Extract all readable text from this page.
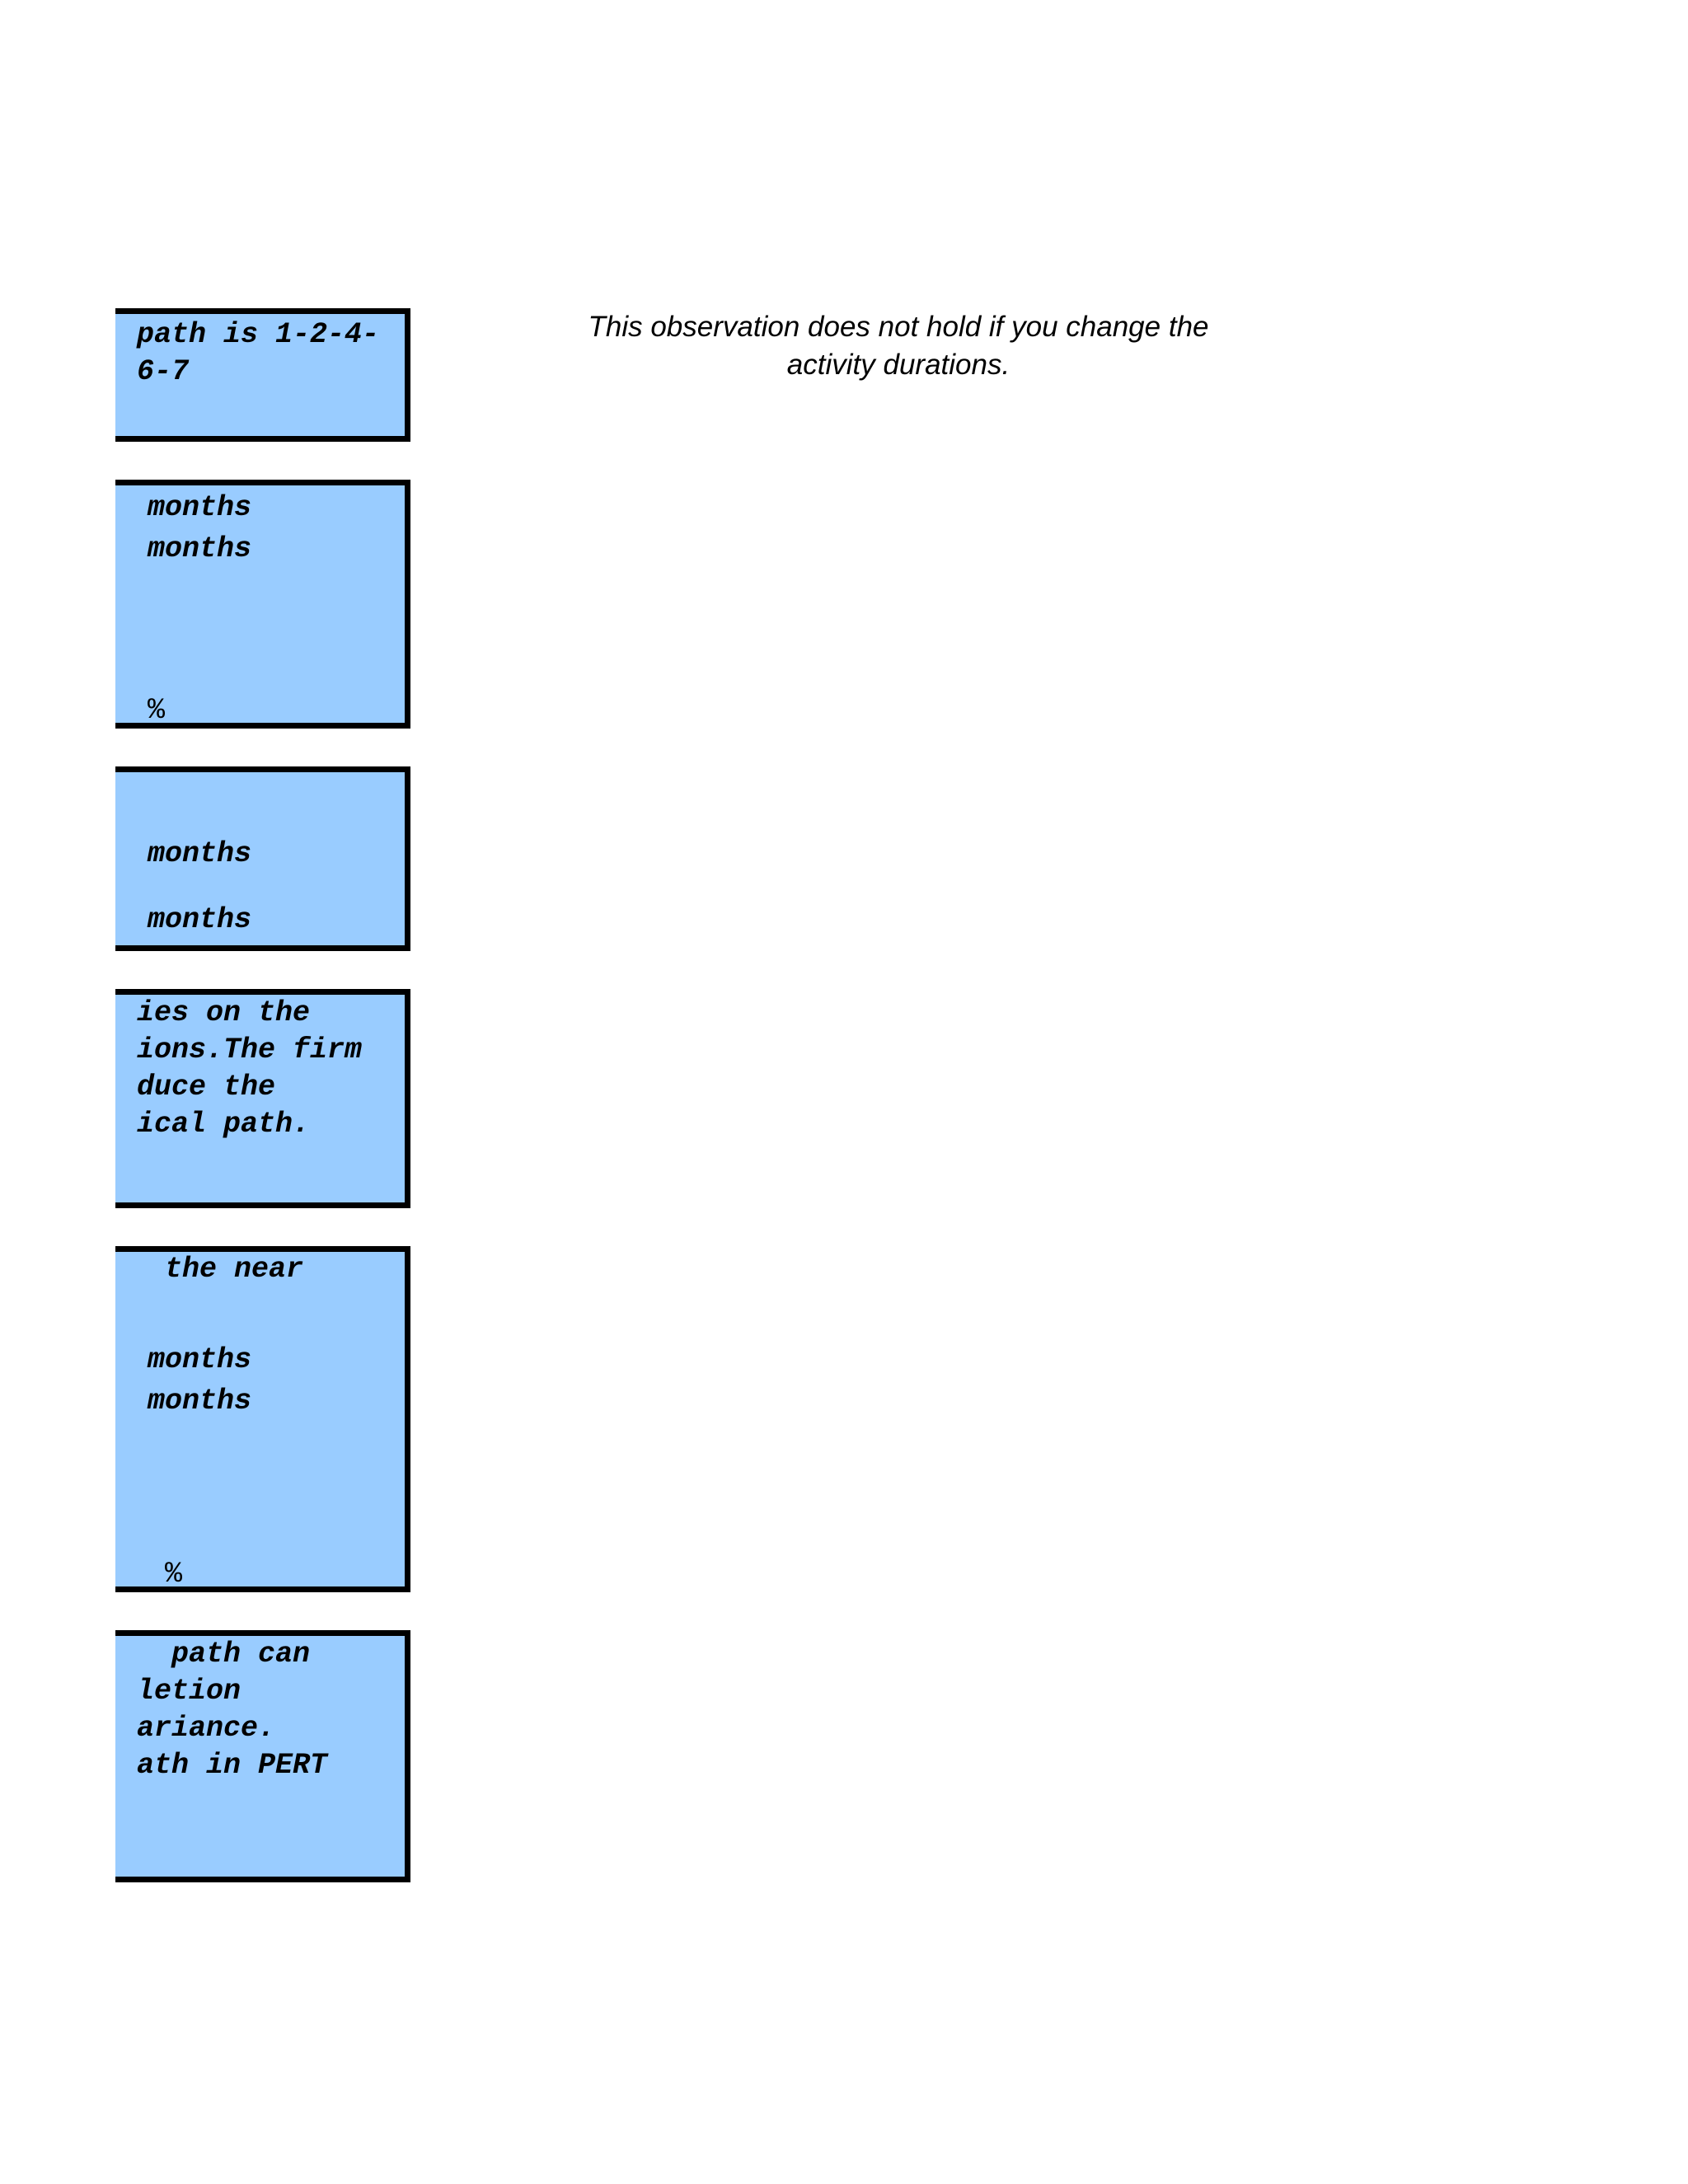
This observation does not hold if you change the
activity durations.
path is 1-2-4-
6-7
months
months
%
months
months
ies on the
ions.The firm
duce the
ical path.
the near
months
months
%
path can
letion
ariance.
ath in PERT
